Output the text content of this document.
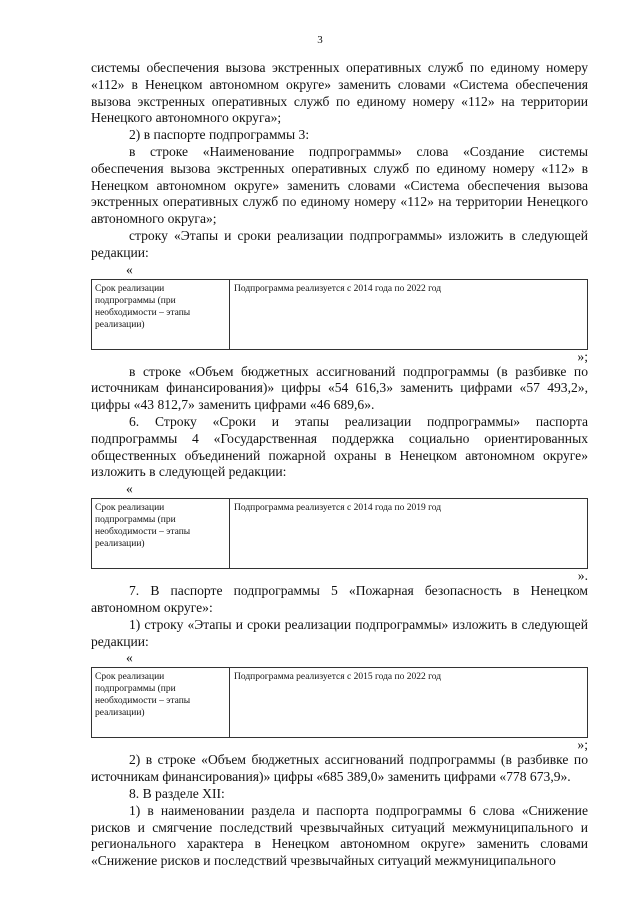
3

системы обеспечения вызова экстренных оперативных служб по единому номеру «112» в Ненецком автономном округе» заменить словами «Система обеспечения вызова экстренных оперативных служб по единому номеру «112» на территории Ненецкого автономного округа»;

2) в паспорте подпрограммы 3:

в строке «Наименование подпрограммы» слова «Создание системы обеспечения вызова экстренных оперативных служб по единому номеру «112» в Ненецком автономном округе» заменить словами «Система обеспечения вызова экстренных оперативных служб по единому номеру «112» на территории Ненецкого автономного округа»;

строку «Этапы и сроки реализации подпрограммы» изложить в следующей редакции:

«
Срок реализации подпрограммы (при необходимости – этапы реализации)	Подпрограмма реализуется с 2014 года по 2022 год

»;

в строке «Объем бюджетных ассигнований подпрограммы (в разбивке по источникам финансирования)» цифры «54 616,3» заменить цифрами «57 493,2», цифры «43 812,7» заменить цифрами «46 689,6».

6. Строку «Сроки и этапы реализации подпрограммы» паспорта подпрограммы 4 «Государственная поддержка социально ориентированных общественных объединений пожарной охраны в Ненецком автономном округе» изложить в следующей редакции:

«
Срок реализации подпрограммы (при необходимости – этапы реализации)	Подпрограмма реализуется с 2014 года по 2019 год

».

7. В паспорте подпрограммы 5 «Пожарная безопасность в Ненецком автономном округе»:

1) строку «Этапы и сроки реализации подпрограммы» изложить в следующей редакции:

«
Срок реализации подпрограммы (при необходимости – этапы реализации)	Подпрограмма реализуется с 2015 года по 2022 год

»;

2) в строке «Объем бюджетных ассигнований подпрограммы (в разбивке по источникам финансирования)» цифры «685 389,0» заменить цифрами «778 673,9».

8. В разделе XII:

1) в наименовании раздела и паспорта подпрограммы 6 слова «Снижение рисков и смягчение последствий чрезвычайных ситуаций межмуниципального и регионального характера в Ненецком автономном округе» заменить словами «Снижение рисков и последствий чрезвычайных ситуаций межмуниципального
